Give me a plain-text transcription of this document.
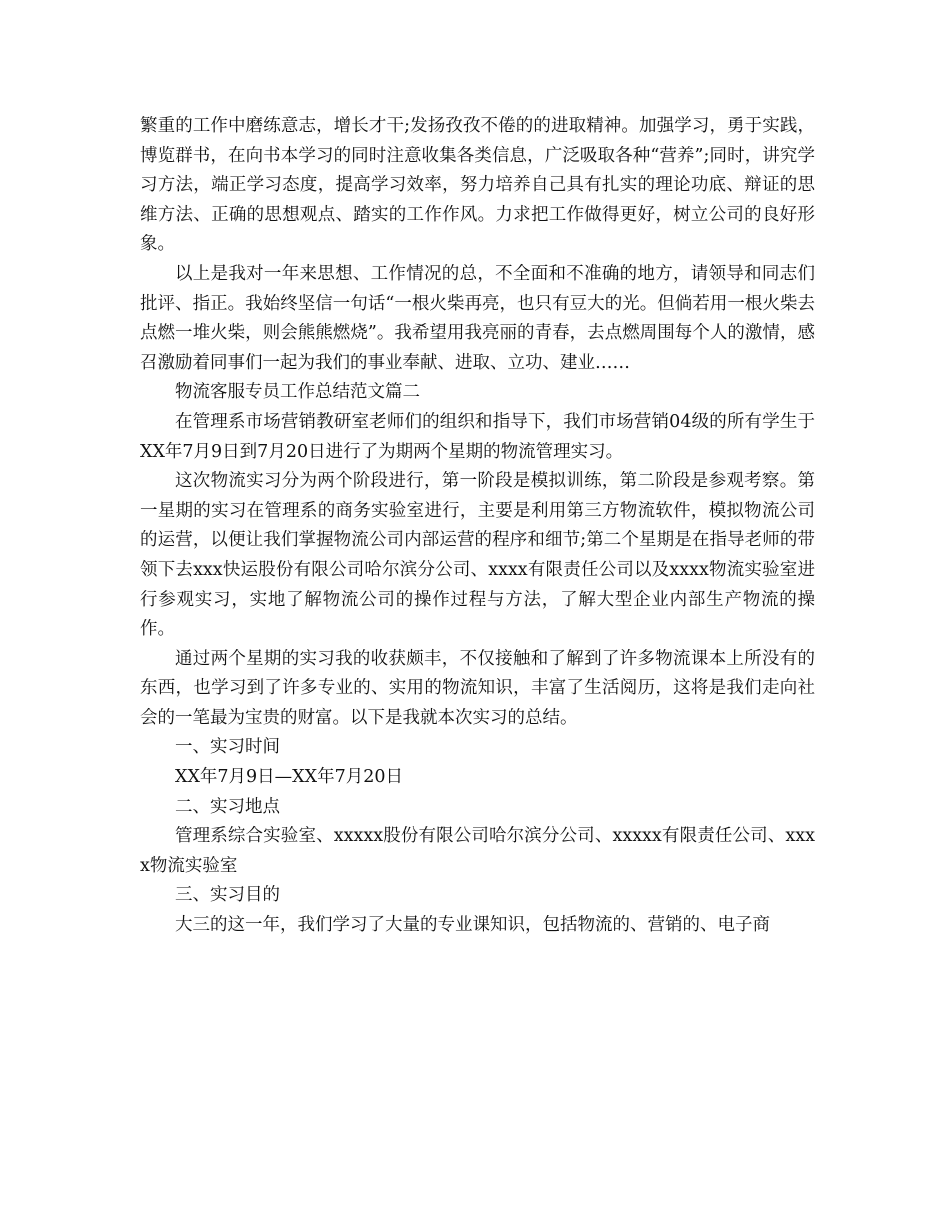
繁重的工作中磨练意志，增长才干;发扬孜孜不倦的的进取精神。加强学习，勇于实践，博览群书，在向书本学习的同时注意收集各类信息，广泛吸取各种“营养”;同时，讲究学习方法，端正学习态度，提高学习效率，努力培养自己具有扎实的理论功底、辩证的思维方法、正确的思想观点、踏实的工作作风。力求把工作做得更好，树立公司的良好形象。

以上是我对一年来思想、工作情况的总，不全面和不准确的地方，请领导和同志们批评、指正。我始终坚信一句话“一根火柴再亮，也只有豆大的光。但倘若用一根火柴去点燃一堆火柴，则会熊熊燃烧”。我希望用我亮丽的青春，去点燃周围每个人的激情，感召激励着同事们一起为我们的事业奉献、进取、立功、建业……

物流客服专员工作总结范文篇二

在管理系市场营销教研室老师们的组织和指导下，我们市场营销04级的所有学生于XX年7月9日到7月20日进行了为期两个星期的物流管理实习。

这次物流实习分为两个阶段进行，第一阶段是模拟训练，第二阶段是参观考察。第一星期的实习在管理系的商务实验室进行，主要是利用第三方物流软件，模拟物流公司的运营，以便让我们掌握物流公司内部运营的程序和细节;第二个星期是在指导老师的带领下去xxx快运股份有限公司哈尔滨分公司、xxxx有限责任公司以及xxxx物流实验室进行参观实习，实地了解物流公司的操作过程与方法，了解大型企业内部生产物流的操作。

通过两个星期的实习我的收获颇丰，不仅接触和了解到了许多物流课本上所没有的东西，也学习到了许多专业的、实用的物流知识，丰富了生活阅历，这将是我们走向社会的一笔最为宝贵的财富。以下是我就本次实习的总结。

一、实习时间

XX年7月9日—XX年7月20日

二、实习地点

管理系综合实验室、xxxxx股份有限公司哈尔滨分公司、xxxxx有限责任公司、xxxx物流实验室

三、实习目的

大三的这一年，我们学习了大量的专业课知识，包括物流的、营销的、电子商
